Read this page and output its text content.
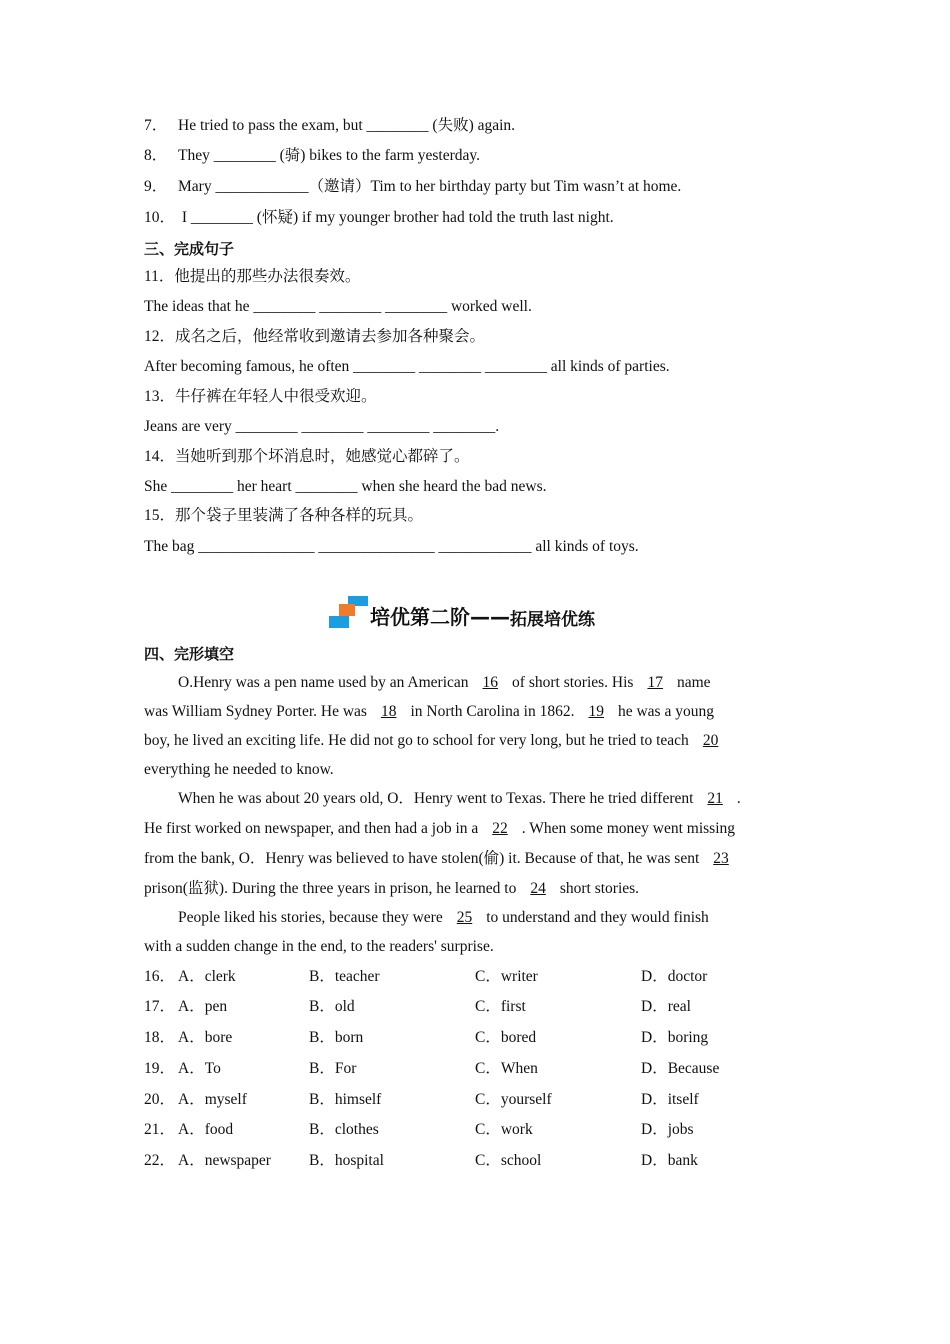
7． He tried to pass the exam, but ________ (失败) again.
8． They ________ (骑) bikes to the farm yesterday.
9． Mary ____________（邀请）Tim to her birthday party but Tim wasn’t at home.
10． I ________ (怀疑) if my younger brother had told the truth last night.
三、完成句子
11．他提出的那些办法很奏效。
The ideas that he ________ ________ ________ worked well.
12．成名之后，他经常收到邀请去参加各种聚会。
After becoming famous, he often ________ ________ ________ all kinds of parties.
13．牛仔裤在年轻人中很受欢迎。
Jeans are very ________ ________ ________ ________.
14．当她听到那个坏消息时，她感觉心都碎了。
She ________ her heart ________ when she heard the bad news.
15．那个袋子里装满了各种各样的玩具。
The bag _______________ _______________ ____________ all kinds of toys.
培优第二阶—— 拓展培优练
四、完形填空
O.Henry was a pen name used by an American 16 of short stories. His 17 name
was William Sydney Porter. He was 18 in North Carolina in 1862. 19 he was a young
boy, he lived an exciting life. He did not go to school for very long, but he tried to teach 20
everything he needed to know.
When he was about 20 years old, O．Henry went to Texas. There he tried different 21 .
He first worked on newspaper, and then had a job in a 22 . When some money went missing
from the bank, O．Henry was believed to have stolen(偷) it. Because of that, he was sent 23
prison(监狱). During the three years in prison, he learned to 24 short stories.
People liked his stories, because they were 25 to understand and they would finish
with a sudden change in the end, to the readers' surprise.
16． A．clerk	B．teacher	C．writer	D．doctor
17． A．pen	B．old	C．first	D．real
18． A．bore	B．born	C．bored	D．boring
19． A．To	B．For	C．When	D．Because
20． A．myself	B．himself	C．yourself	D．itself
21． A．food	B．clothes	C．work	D．jobs
22． A．newspaper B．hospital	C．school	D．bank
